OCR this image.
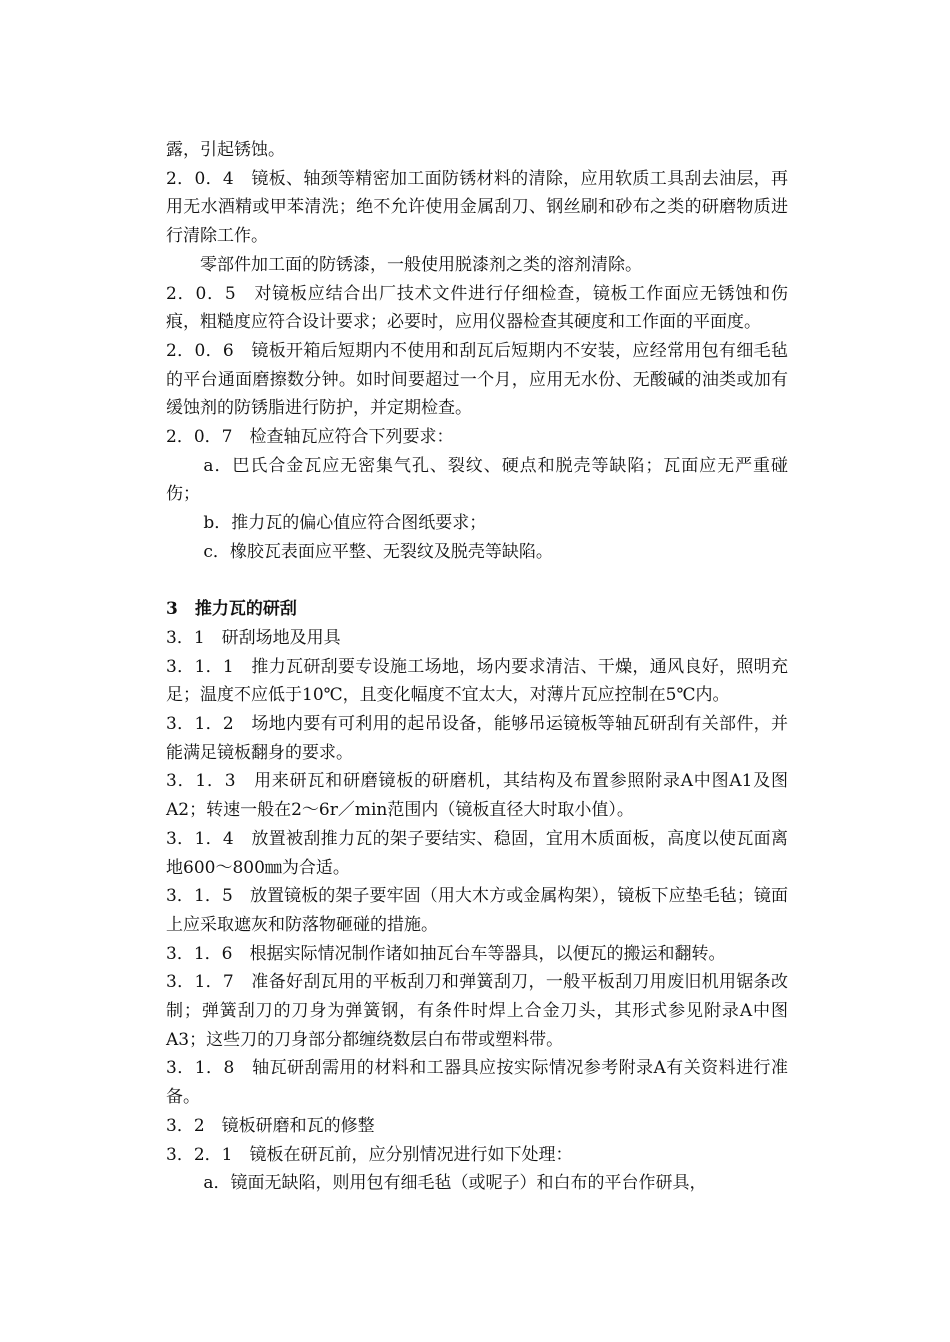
露，引起锈蚀。

2．0．4　镜板、轴颈等精密加工面防锈材料的清除，应用软质工具刮去油层，再用无水酒精或甲苯清洗；绝不允许使用金属刮刀、钢丝刷和砂布之类的研磨物质进行清除工作。

零部件加工面的防锈漆，一般使用脱漆剂之类的溶剂清除。

2．0．5　对镜板应结合出厂技术文件进行仔细检查，镜板工作面应无锈蚀和伤痕，粗糙度应符合设计要求；必要时，应用仪器检查其硬度和工作面的平面度。

2．0．6　镜板开箱后短期内不使用和刮瓦后短期内不安装，应经常用包有细毛毡的平台通面磨擦数分钟。如时间要超过一个月，应用无水份、无酸碱的油类或加有缓蚀剂的防锈脂进行防护，并定期检查。

2．0．7　检查轴瓦应符合下列要求：

a．巴氏合金瓦应无密集气孔、裂纹、硬点和脱壳等缺陷；瓦面应无严重碰伤；

b．推力瓦的偏心值应符合图纸要求；

c．橡胶瓦表面应平整、无裂纹及脱壳等缺陷。

3　推力瓦的研刮

3．1　研刮场地及用具

3．1．1　推力瓦研刮要专设施工场地，场内要求清洁、干燥，通风良好，照明充足；温度不应低于10℃，且变化幅度不宜太大，对薄片瓦应控制在5℃内。

3．1．2　场地内要有可利用的起吊设备，能够吊运镜板等轴瓦研刮有关部件，并能满足镜板翻身的要求。

3．1．3　用来研瓦和研磨镜板的研磨机，其结构及布置参照附录A中图A1及图A2；转速一般在2～6r／min范围内（镜板直径大时取小值）。

3．1．4　放置被刮推力瓦的架子要结实、稳固，宜用木质面板，高度以使瓦面离地600～800㎜为合适。

3．1．5　放置镜板的架子要牢固（用大木方或金属构架），镜板下应垫毛毡；镜面上应采取遮灰和防落物砸碰的措施。

3．1．6　根据实际情况制作诸如抽瓦台车等器具，以便瓦的搬运和翻转。

3．1．7　准备好刮瓦用的平板刮刀和弹簧刮刀，一般平板刮刀用废旧机用锯条改制；弹簧刮刀的刀身为弹簧钢，有条件时焊上合金刀头，其形式参见附录A中图A3；这些刀的刀身部分都缠绕数层白布带或塑料带。

3．1．8　轴瓦研刮需用的材料和工器具应按实际情况参考附录A有关资料进行准备。

3．2　镜板研磨和瓦的修整

3．2．1　镜板在研瓦前，应分别情况进行如下处理：

a．镜面无缺陷，则用包有细毛毡（或呢子）和白布的平台作研具，
